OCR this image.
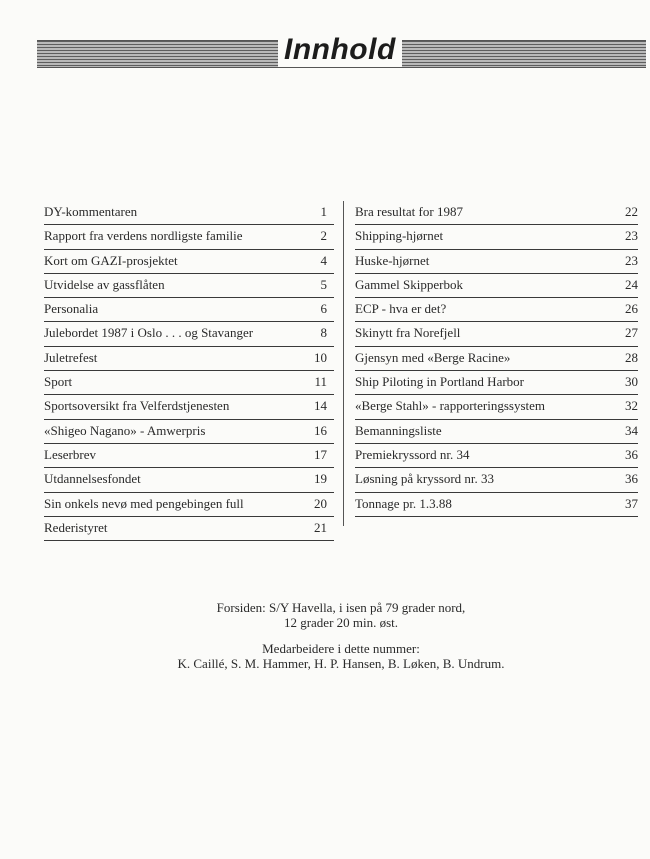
Innhold
DY-kommentaren	1
Rapport fra verdens nordligste familie	2
Kort om GAZI-prosjektet	4
Utvidelse av gassflåten	5
Personalia	6
Julebordet 1987 i Oslo . . . og Stavanger	8
Juletrefest	10
Sport	11
Sportsoversikt fra Velferdstjenesten	14
«Shigeo Nagano» - Amwerpris	16
Leserbrev	17
Utdannelsesfondet	19
Sin onkels nevø med pengebingen full	20
Rederistyret	21
Bra resultat for 1987	22
Shipping-hjørnet	23
Huske-hjørnet	23
Gammel Skipperbok	24
ECP - hva er det?	26
Skinytt fra Norefjell	27
Gjensyn med «Berge Racine»	28
Ship Piloting in Portland Harbor	30
«Berge Stahl» - rapporteringssystem	32
Bemanningsliste	34
Premiekryssord nr. 34	36
Løsning på kryssord nr. 33	36
Tonnage pr. 1.3.88	37
Forsiden: S/Y Havella, i isen på 79 grader nord,
12 grader 20 min. øst.
Medarbeidere i dette nummer:
K. Caillé, S. M. Hammer, H. P. Hansen, B. Løken, B. Undrum.
